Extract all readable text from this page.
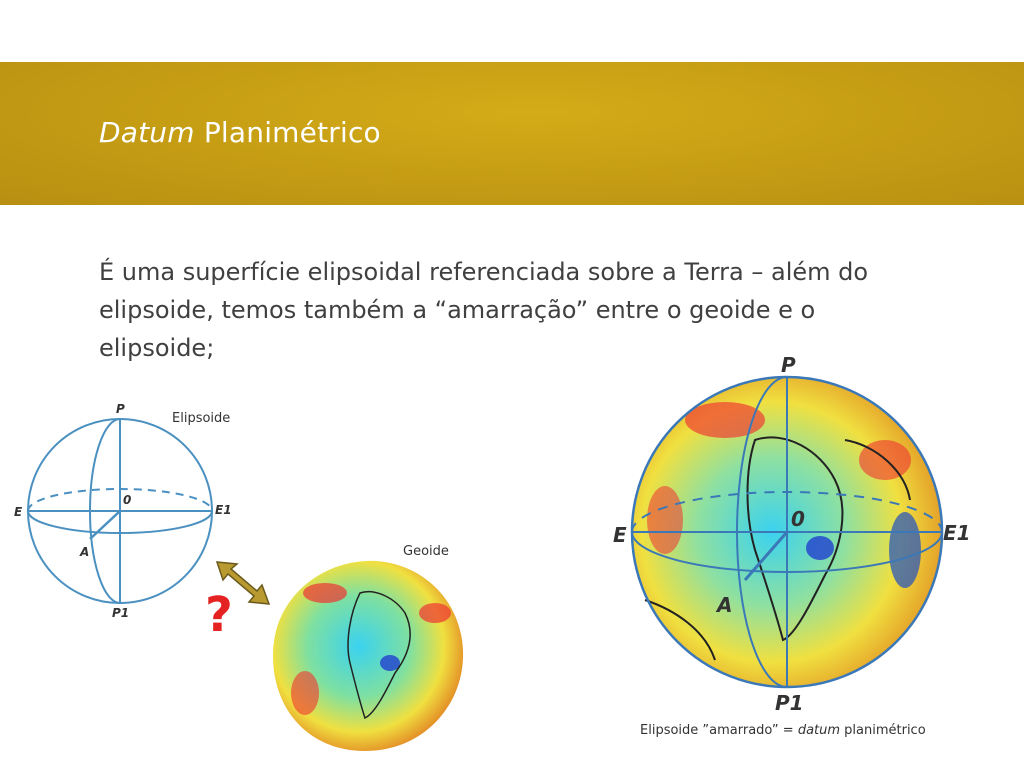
Datum Planimétrico

É uma superfície elipsoidal referenciada sobre a Terra – além do elipsoide, temos também a “amarração” entre o geoide e o elipsoide;

P
P1
E	E1
0
A
Elipsoide
?
Geoide
P
P1
E	E1
0
A
Elipsoide ”amarrado” = datum planimétrico
